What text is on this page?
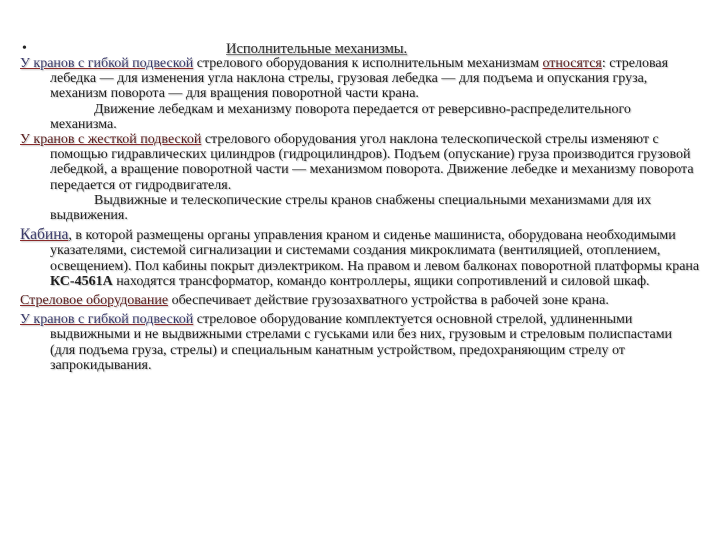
•	Исполнительные механизмы.

У кранов с гибкой подвеской стрелового оборудования к исполнительным механизмам относятся: стреловая лебедка — для изменения угла наклона стрелы, грузовая лебедка — для подъема и опускания груза, механизм поворота — для вращения поворотной части крана.

Движение лебедкам и механизму поворота передается от реверсивно-распределительного механизма.

У кранов с жесткой подвеской стрелового оборудования угол наклона телескопической стрелы изменяют с помощью гидравлических цилиндров (гидроцилиндров). Подъем (опускание) груза производится грузовой лебедкой, а вращение поворотной части — механизмом поворота. Движение лебедке и механизму поворота передается от гидродвигателя.

Выдвижные и телескопические стрелы кранов снабжены специальными механизмами для их выдвижения.

Кабина, в которой размещены органы управления краном и сиденье машиниста, оборудована необходимыми указателями, системой сигнализации и системами создания микроклимата (вентиляцией, отоплением, освещением). Пол кабины покрыт диэлектриком. На правом и левом балконах поворотной платформы крана КС-4561А находятся трансформатор, командо контроллеры, ящики сопротивлений и силовой шкаф.

Стреловое оборудование обеспечивает действие грузозахватного устройства в рабочей зоне крана.

У кранов с гибкой подвеской стреловое оборудование комплектуется основной стрелой, удлиненными выдвижными и не выдвижными стрелами с гуськами или без них, грузовым и стреловым полиспастами (для подъема груза, стрелы) и специальным канатным устройством, предохраняющим стрелу от запрокидывания.
